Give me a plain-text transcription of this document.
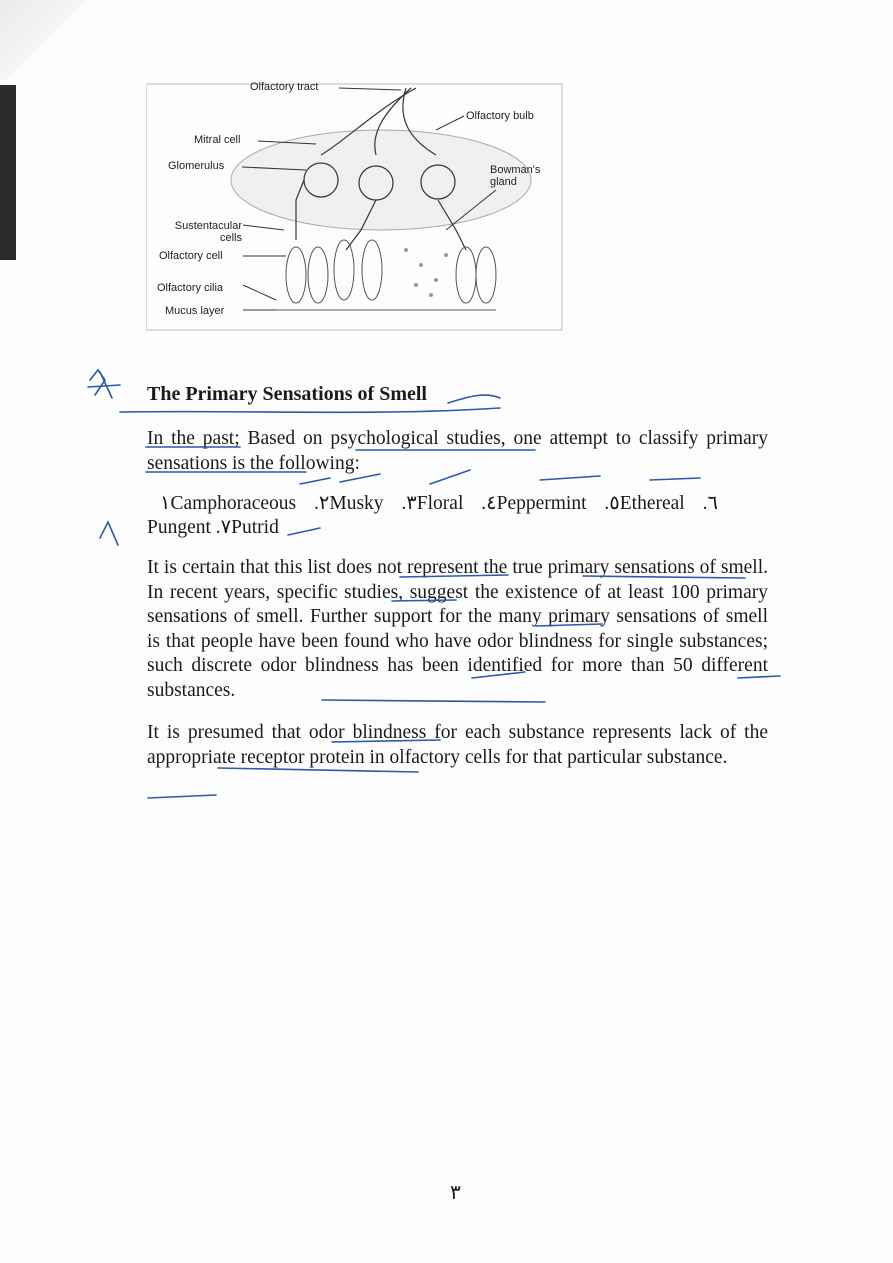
Olfactory tract
Olfactory bulb
Mitral cell
Glomerulus	Bowman's gland
Sustentacular cells
Olfactory cell
Olfactory cilia
Mucus layer
The Primary Sensations of Smell
In the past; Based on psychological studies, one attempt to classify primary sensations is the following:
١Camphoraceous .٢Musky .٣Floral .٤Peppermint .٥Ethereal .٦
Pungent .٧Putrid
It is certain that this list does not represent the true primary sensations of smell. In recent years, specific studies, suggest the existence of at least 100 primary sensations of smell. Further support for the many primary sensations of smell is that people have been found who have odor blindness for single substances; such discrete odor blindness has been identified for more than 50 different substances.
It is presumed that odor blindness for each substance represents lack of the appropriate receptor protein in olfactory cells for that particular substance.
٣
